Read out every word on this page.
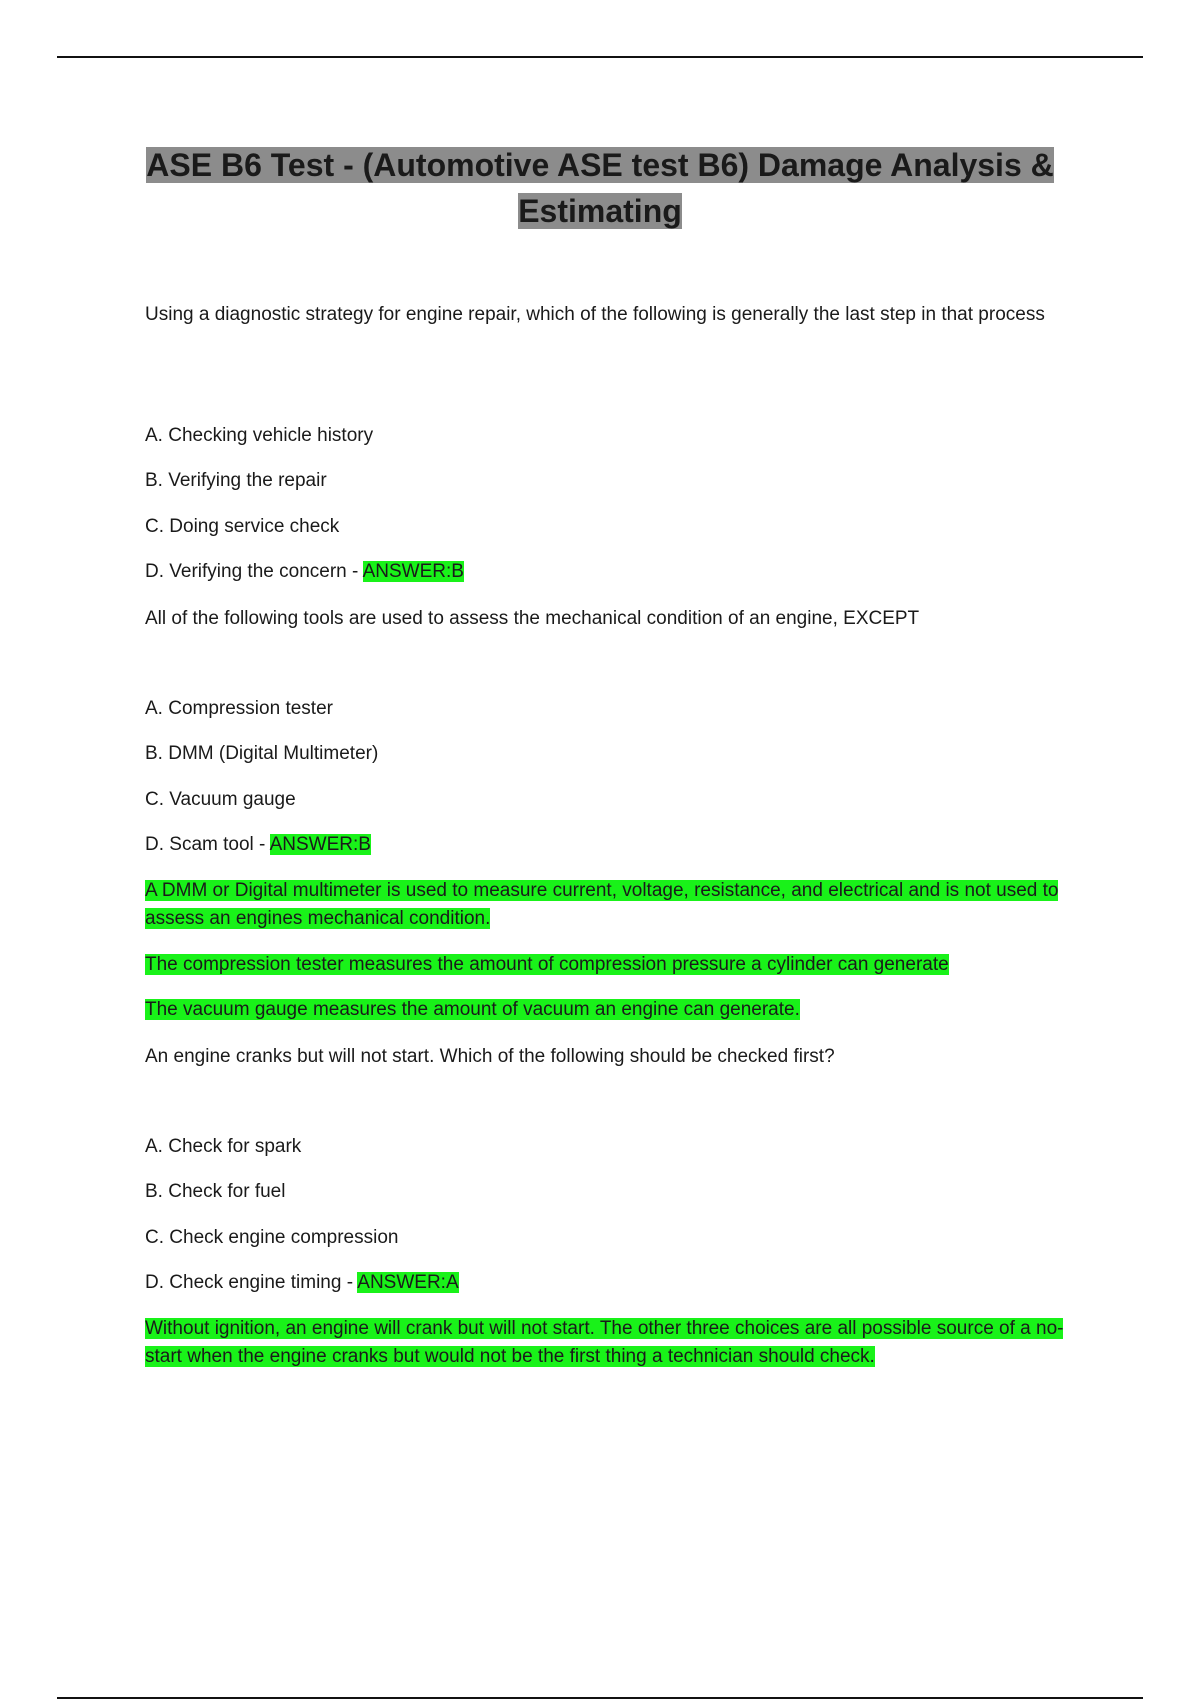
ASE B6 Test - (Automotive ASE test B6) Damage Analysis & Estimating
Using a diagnostic strategy for engine repair, which of the following is generally the last step in that process
A. Checking vehicle history
B. Verifying the repair
C. Doing service check
D. Verifying the concern - ANSWER:B
All of the following tools are used to assess the mechanical condition of an engine, EXCEPT
A. Compression tester
B. DMM (Digital Multimeter)
C. Vacuum gauge
D. Scam tool - ANSWER:B
A DMM or Digital multimeter is used to measure current, voltage, resistance, and electrical and is not used to assess an engines mechanical condition.
The compression tester measures the amount of compression pressure a cylinder can generate
The vacuum gauge measures the amount of vacuum an engine can generate.
An engine cranks but will not start. Which of the following should be checked first?
A. Check for spark
B. Check for fuel
C. Check engine compression
D. Check engine timing - ANSWER:A
Without ignition, an engine will crank but will not start. The other three choices are all possible source of a no-start when the engine cranks but would not be the first thing a technician should check.
